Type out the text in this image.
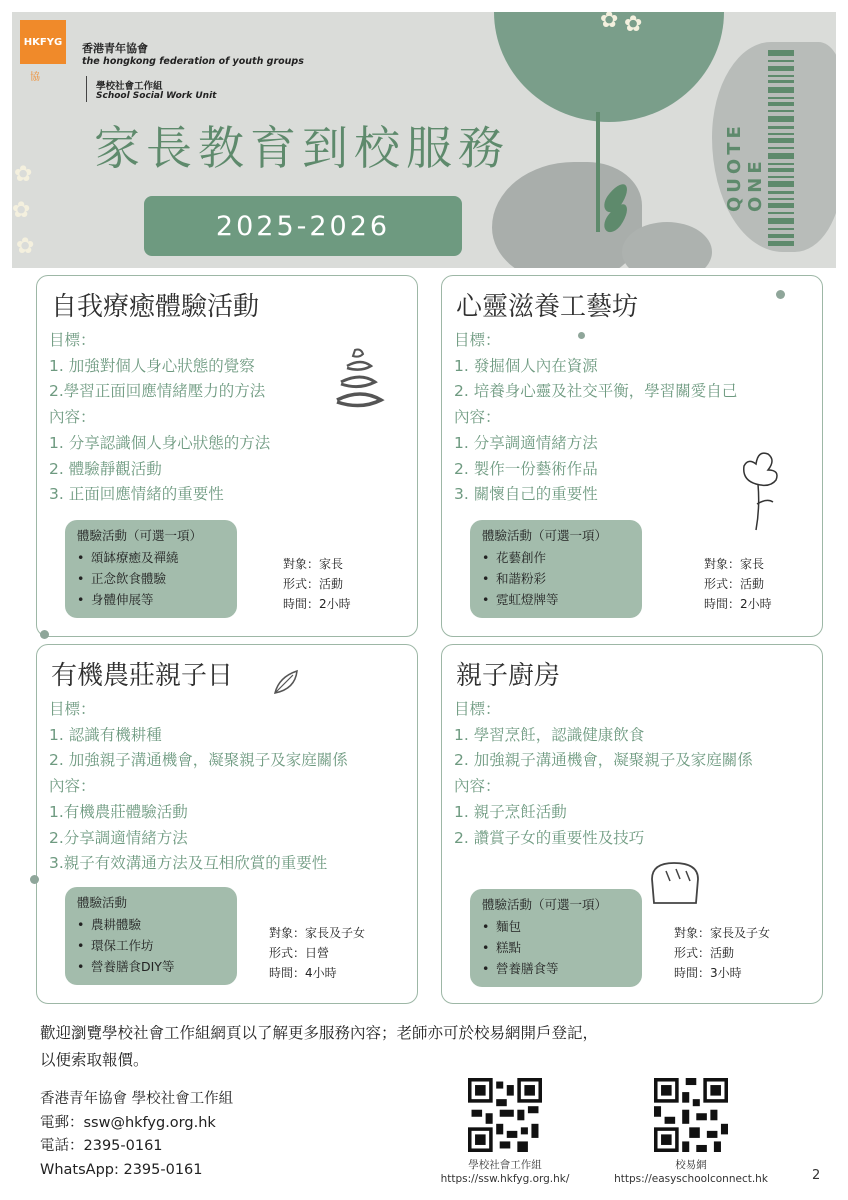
✿ ✿
✿
✿
✿
HKFYG
協
香港青年協會
the hongkong federation of youth groups
學校社會工作組
School Social Work Unit
家長教育到校服務
2025-2026
QUOTE ONE
自我療癒體驗活動
目標：
1. 加強對個人身心狀態的覺察
2.學習正面回應情緒壓力的方法
內容：
1. 分享認識個人身心狀態的方法
2. 體驗靜觀活動
3. 正面回應情緒的重要性
體驗活動（可選一項）
• 頌缽療癒及禪繞
• 正念飲食體驗
• 身體伸展等
對象：家長
形式：活動
時間：2小時
心靈滋養工藝坊
目標：
1. 發掘個人內在資源
2. 培養身心靈及社交平衡，學習關愛自己
內容：
1. 分享調適情緒方法
2. 製作一份藝術作品
3. 關懷自己的重要性
體驗活動（可選一項）
• 花藝創作
• 和諧粉彩
• 霓虹燈牌等
對象：家長
形式：活動
時間：2小時
有機農莊親子日
目標：
1. 認識有機耕種
2. 加強親子溝通機會，凝聚親子及家庭關係
內容：
1.有機農莊體驗活動
2.分享調適情緒方法
3.親子有效溝通方法及互相欣賞的重要性
體驗活動
• 農耕體驗
• 環保工作坊
• 營養膳食DIY等
對象：家長及子女
形式：日營
時間：4小時
親子廚房
目標：
1. 學習烹飪，認識健康飲食
2. 加強親子溝通機會，凝聚親子及家庭關係
內容：
1. 親子烹飪活動
2. 讚賞子女的重要性及技巧
體驗活動（可選一項）
• 麵包
• 糕點
• 營養膳食等
對象：家長及子女
形式：活動
時間：3小時
歡迎瀏覽學校社會工作組網頁以了解更多服務內容；老師亦可於校易網開戶登記，
以便索取報價。
香港青年協會 學校社會工作組
電郵：ssw@hkfyg.org.hk
電話：2395-0161
WhatsApp: 2395-0161	學校社會工作組
https://ssw.hkfyg.org.hk/
校易網
https://easyschoolconnect.hk	2
